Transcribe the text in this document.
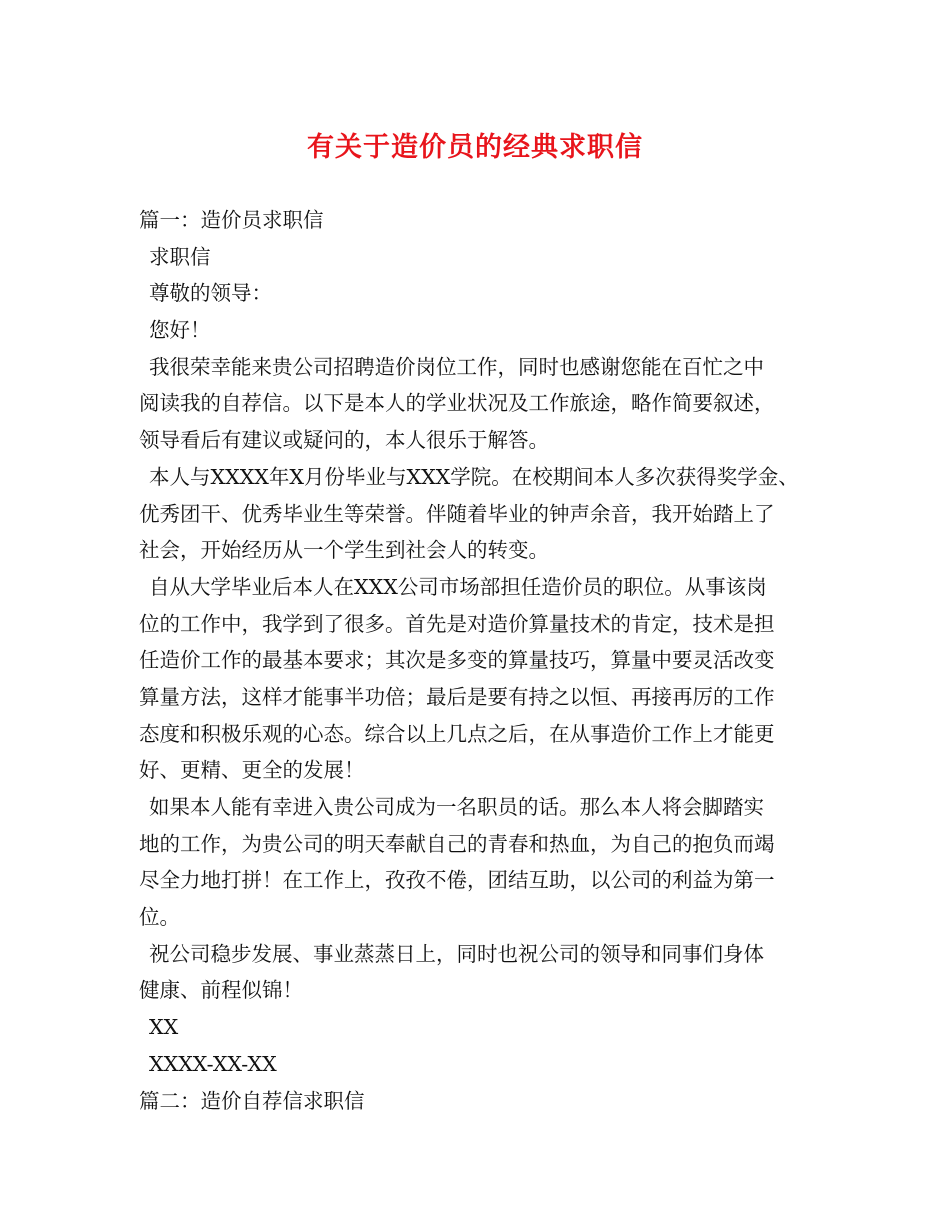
有关于造价员的经典求职信
篇一：造价员求职信
求职信
尊敬的领导：
您好！
我很荣幸能来贵公司招聘造价岗位工作，同时也感谢您能在百忙之中
阅读我的自荐信。以下是本人的学业状况及工作旅途，略作简要叙述，
领导看后有建议或疑问的，本人很乐于解答。
本人与XXXX年X月份毕业与XXX学院。在校期间本人多次获得奖学金、
优秀团干、优秀毕业生等荣誉。伴随着毕业的钟声余音，我开始踏上了
社会，开始经历从一个学生到社会人的转变。
自从大学毕业后本人在XXX公司市场部担任造价员的职位。从事该岗
位的工作中，我学到了很多。首先是对造价算量技术的肯定，技术是担
任造价工作的最基本要求；其次是多变的算量技巧，算量中要灵活改变
算量方法，这样才能事半功倍；最后是要有持之以恒、再接再厉的工作
态度和积极乐观的心态。综合以上几点之后，在从事造价工作上才能更
好、更精、更全的发展！
如果本人能有幸进入贵公司成为一名职员的话。那么本人将会脚踏实
地的工作，为贵公司的明天奉献自己的青春和热血，为自己的抱负而竭
尽全力地打拼！在工作上，孜孜不倦，团结互助，以公司的利益为第一
位。
祝公司稳步发展、事业蒸蒸日上，同时也祝公司的领导和同事们身体
健康、前程似锦！
XX
XXXX-XX-XX
篇二：造价自荐信求职信
